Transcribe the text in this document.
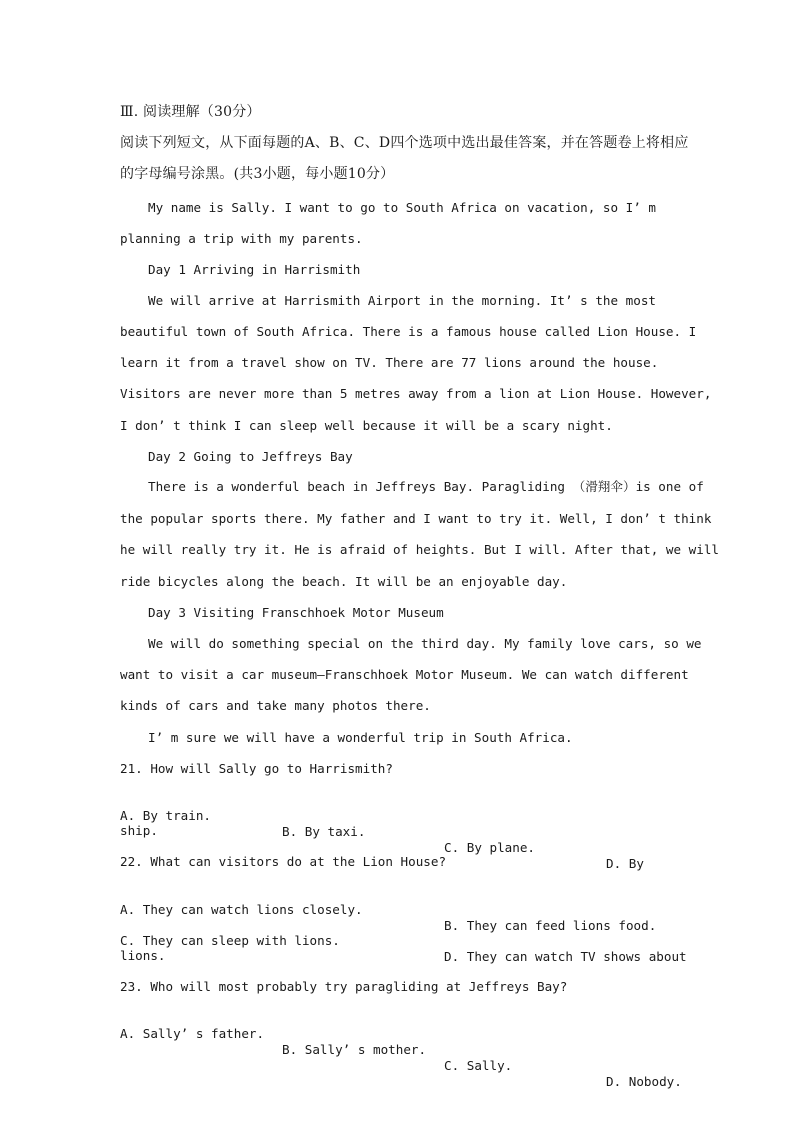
Ⅲ. 阅读理解（30分）
阅读下列短文，从下面每题的A、B、C、D四个选项中选出最佳答案，并在答题卷上将相应
的字母编号涂黑。(共3小题，每小题10分）
My name is Sally. I want to go to South Africa on vacation, so I’ m
planning a trip with my parents.
Day 1 Arriving in Harrismith
We will arrive at Harrismith Airport in the morning. It’ s the most
beautiful town of South Africa. There is a famous house called Lion House. I
learn it from a travel show on TV. There are 77 lions around the house.
Visitors are never more than 5 metres away from a lion at Lion House. However,
I don’ t think I can sleep well because it will be a scary night.
Day 2 Going to Jeffreys Bay
There is a wonderful beach in Jeffreys Bay. Paragliding （滑翔伞）is one of
the popular sports there. My father and I want to try it. Well, I don’ t think
he will really try it. He is afraid of heights. But I will. After that, we will
ride bicycles along the beach. It will be an enjoyable day.
Day 3 Visiting Franschhoek Motor Museum
We will do something special on the third day. My family love cars, so we
want to visit a car museum—Franschhoek Motor Museum. We can watch different
kinds of cars and take many photos there.
I’ m sure we will have a wonderful trip in South Africa.
21. How will Sally go to Harrismith?

A. By train.

B. By taxi.

C. By plane.

D. By

ship.
22. What can visitors do at the Lion House?

A. They can watch lions closely.

B. They can feed lions food.

C. They can sleep with lions.

D. They can watch TV shows about

lions.
23. Who will most probably try paragliding at Jeffreys Bay?

A. Sally’ s father.

B. Sally’ s mother.

C. Sally.

D. Nobody.
